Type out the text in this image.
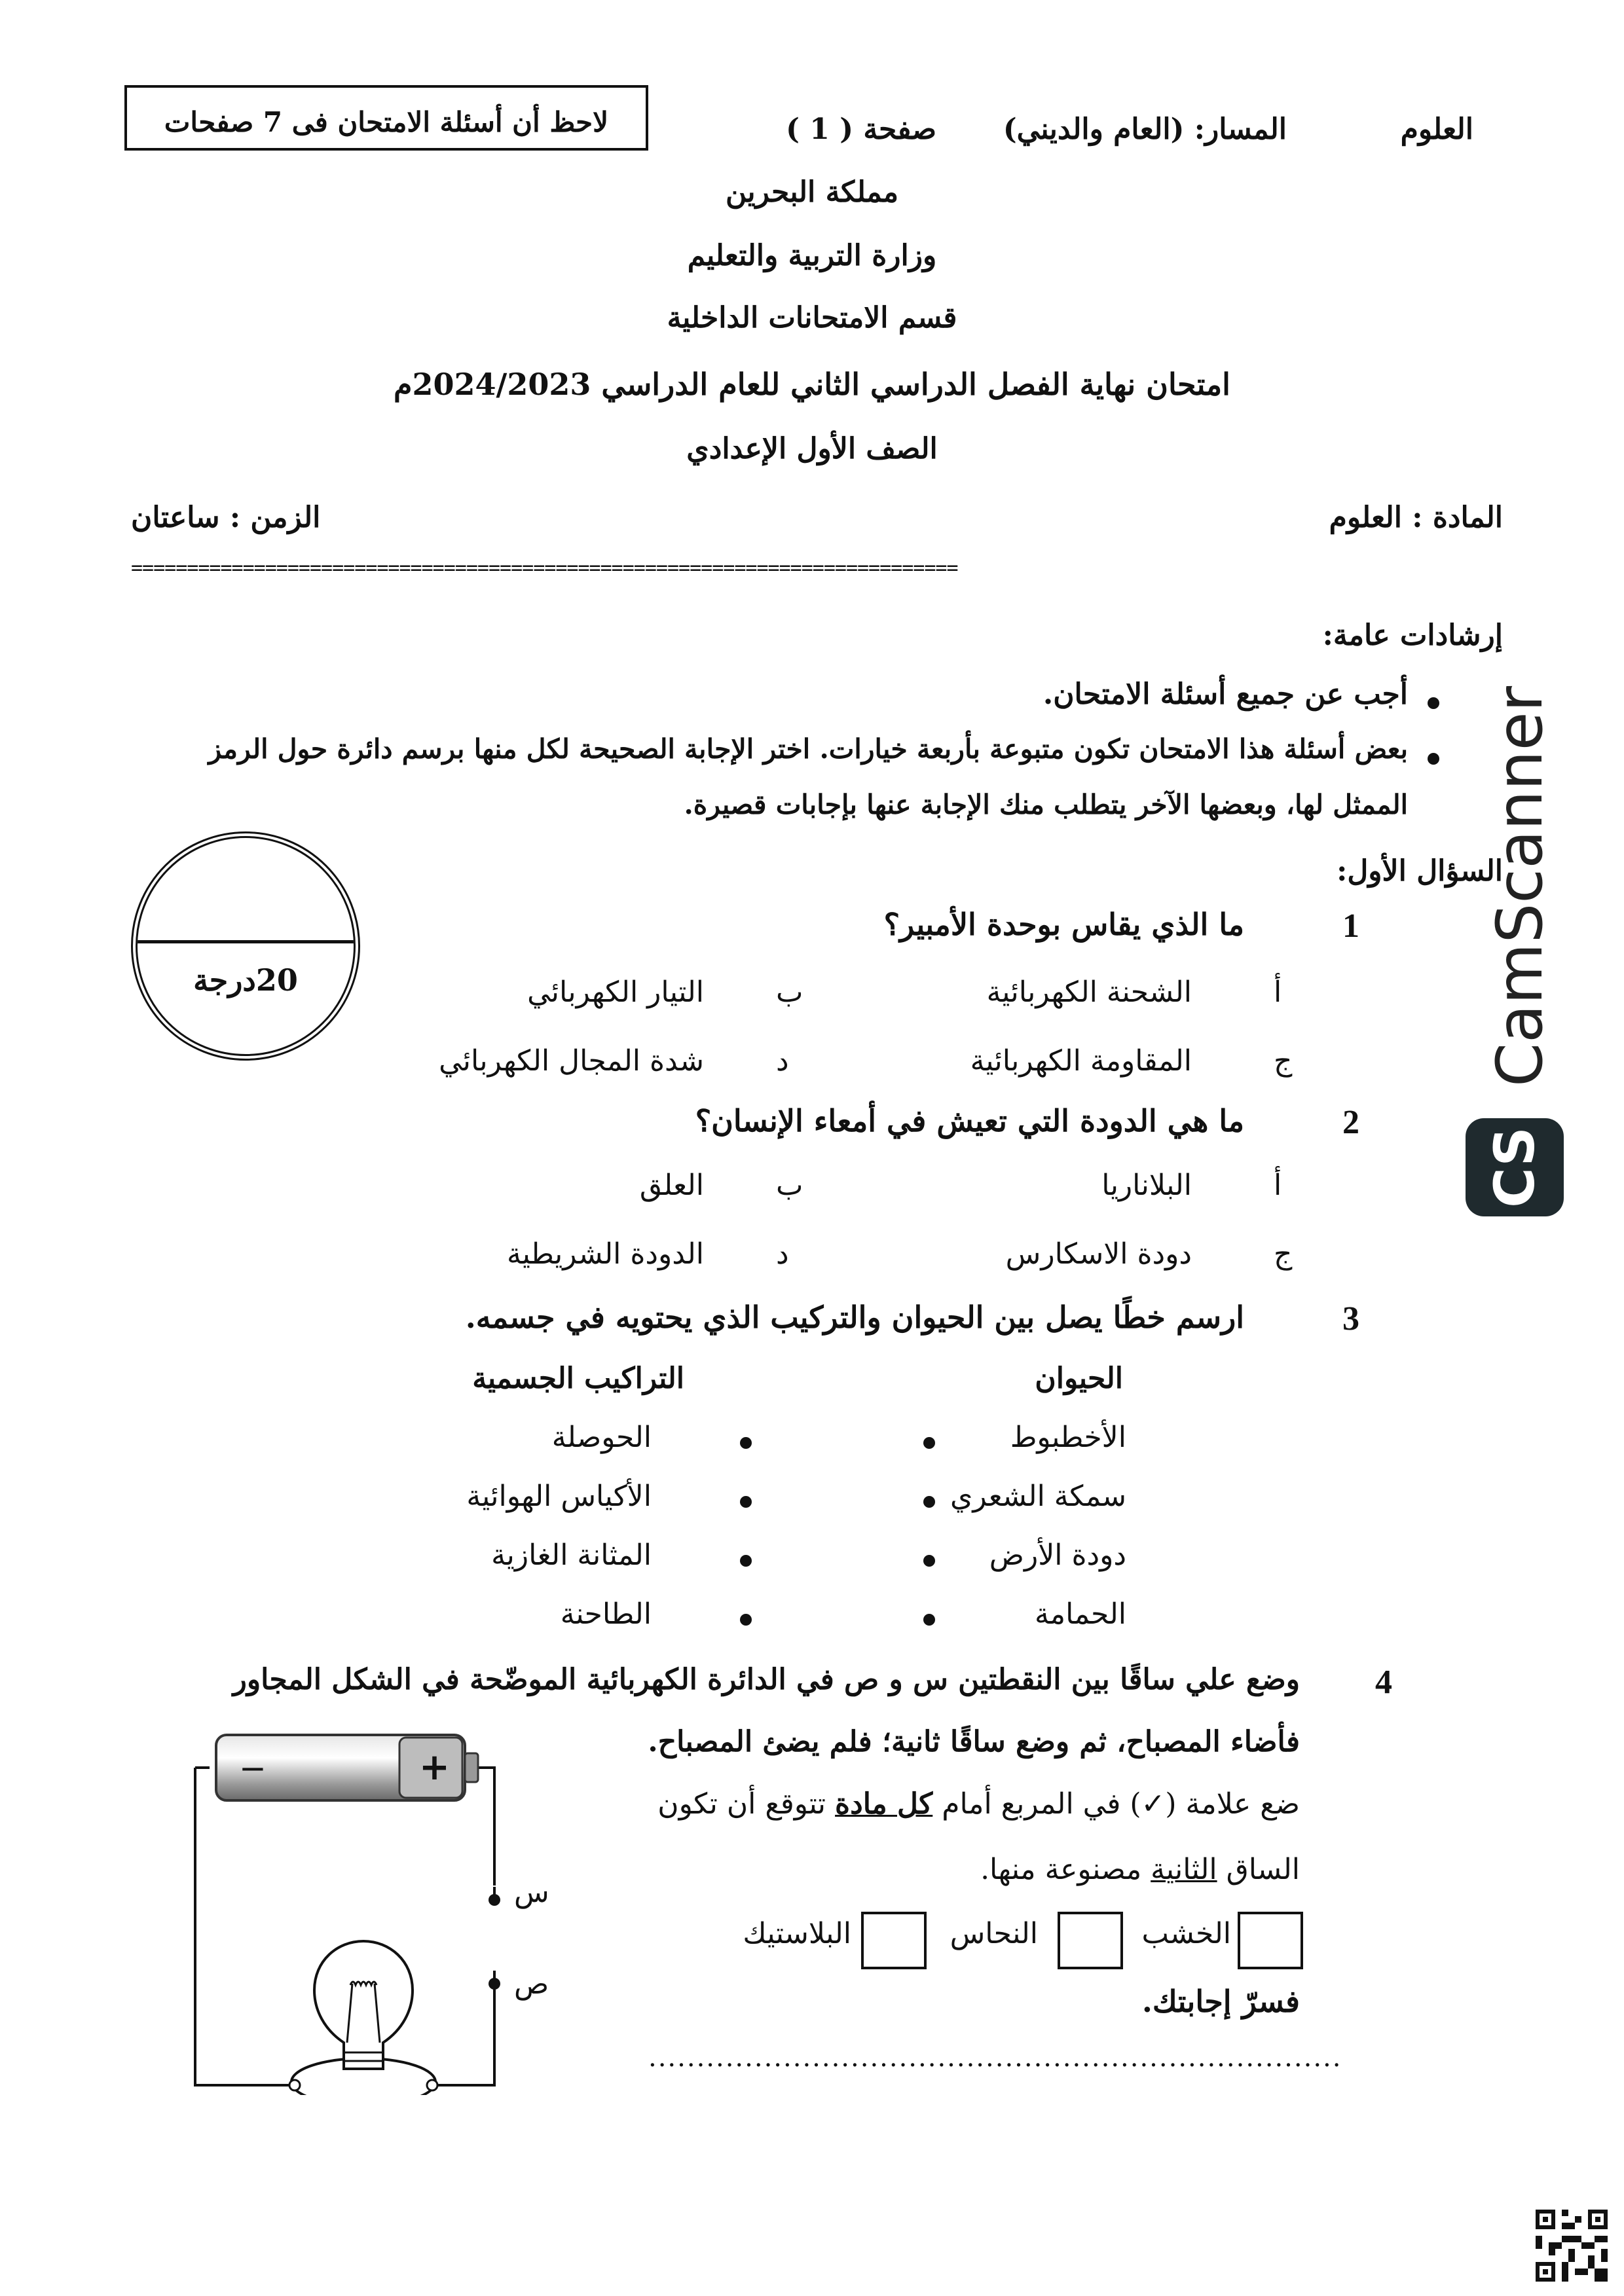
العلوم
المسار: (العام والديني)
صفحة ( 1 )
لاحظ أن أسئلة الامتحان فى 7 صفحات
مملكة البحرين
وزارة التربية والتعليم
قسم الامتحانات الداخلية
امتحان نهاية الفصل الدراسي الثاني للعام الدراسي 2024/2023م
الصف الأول الإعدادي
المادة : العلوم
الزمن : ساعتان
==========================================================================
إرشادات عامة:
أجب عن جميع أسئلة الامتحان.
بعض أسئلة هذا الامتحان تكون متبوعة بأربعة خيارات. اختر الإجابة الصحيحة لكل منها برسم دائرة حول الرمز
الممثل لها، وبعضها الآخر يتطلب منك الإجابة عنها بإجابات قصيرة.
السؤال الأول:
20درجة
1
ما الذي يقاس بوحدة الأمبير؟
أ
الشحنة الكهربائية
ب
التيار الكهربائي
ج
المقاومة الكهربائية
د
شدة المجال الكهربائي
2
ما هي الدودة التي تعيش في أمعاء الإنسان؟
أ
البلاناريا
ب
العلق
ج
دودة الاسكارس
د
الدودة الشريطية
3
ارسم خطًا يصل بين الحيوان والتركيب الذي يحتويه في جسمه.
الحيوان
التراكيب الجسمية
الأخطبوط
الحوصلة
سمكة الشعري
الأكياس الهوائية
دودة الأرض
المثانة الغازية
الحمامة
الطاحنة
4
وضع علي ساقًا بين النقطتين س و ص في الدائرة الكهربائية الموضّحة في الشكل المجاور
فأضاء المصباح، ثم وضع ساقًا ثانية؛ فلم يضئ المصباح.
ضع علامة (✓) في المربع أمام كل مادة تتوقع أن تكون
الساق الثانية مصنوعة منها.
الخشب
النحاس
البلاستيك
فسرّ إجابتك.
........................................................................
−	+
س
ص
CamScanner
CS
